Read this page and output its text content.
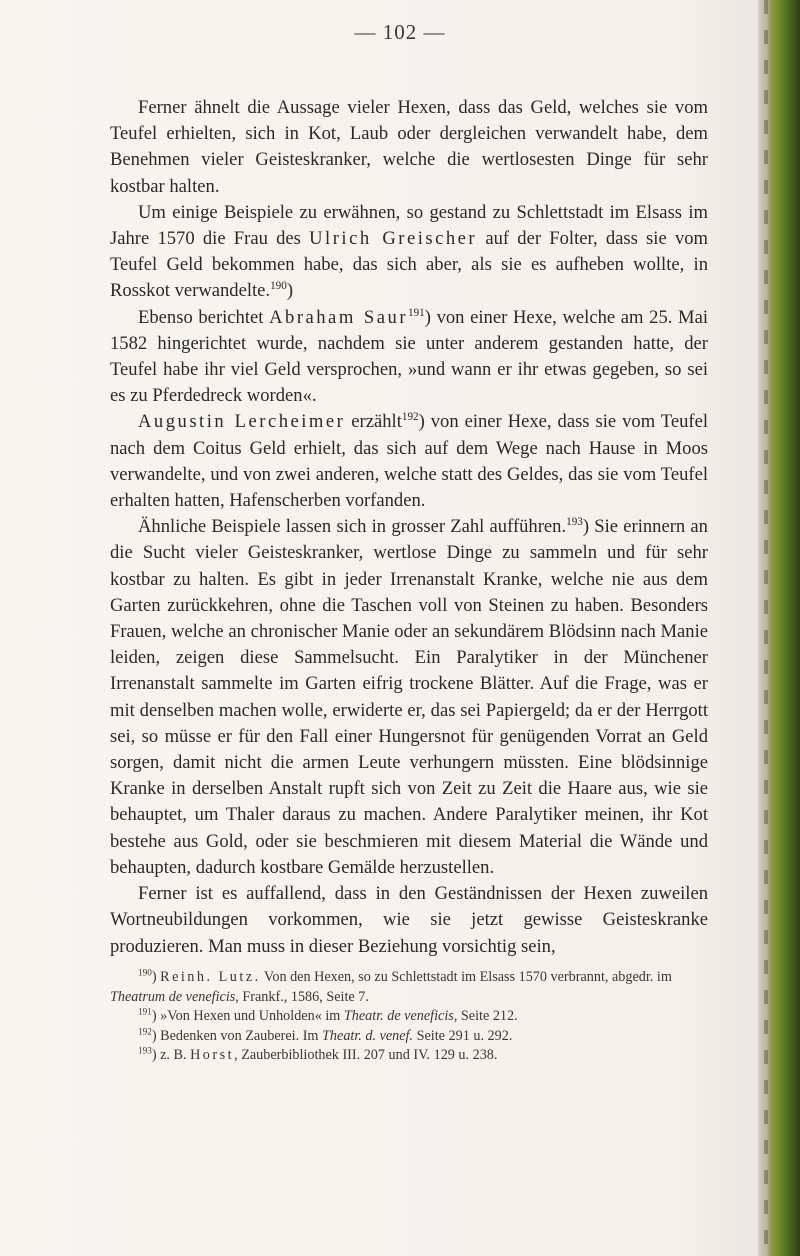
— 102 —

Ferner ähnelt die Aussage vieler Hexen, dass das Geld, welches sie vom Teufel erhielten, sich in Kot, Laub oder dergleichen verwandelt habe, dem Benehmen vieler Geisteskranker, welche die wertlosesten Dinge für sehr kostbar halten.

Um einige Beispiele zu erwähnen, so gestand zu Schlettstadt im Elsass im Jahre 1570 die Frau des Ulrich Greischer auf der Folter, dass sie vom Teufel Geld bekommen habe, das sich aber, als sie es aufheben wollte, in Rosskot verwandelte.$^{190}$)

Ebenso berichtet Abraham Saur$^{191}$) von einer Hexe, welche am 25. Mai 1582 hingerichtet wurde, nachdem sie unter anderem gestanden hatte, der Teufel habe ihr viel Geld versprochen, »und wann er ihr etwas gegeben, so sei es zu Pferdedreck worden«.

Augustin Lercheimer erzählt$^{192}$) von einer Hexe, dass sie vom Teufel nach dem Coitus Geld erhielt, das sich auf dem Wege nach Hause in Moos verwandelte, und von zwei anderen, welche statt des Geldes, das sie vom Teufel erhalten hatten, Hafenscherben vorfanden.

Ähnliche Beispiele lassen sich in grosser Zahl aufführen.$^{193}$) Sie erinnern an die Sucht vieler Geisteskranker, wertlose Dinge zu sammeln und für sehr kostbar zu halten. Es gibt in jeder Irrenanstalt Kranke, welche nie aus dem Garten zurückkehren, ohne die Taschen voll von Steinen zu haben. Besonders Frauen, welche an chronischer Manie oder an sekundärem Blödsinn nach Manie leiden, zeigen diese Sammelsucht. Ein Paralytiker in der Münchener Irrenanstalt sammelte im Garten eifrig trockene Blätter. Auf die Frage, was er mit denselben machen wolle, erwiderte er, das sei Papiergeld; da er der Herrgott sei, so müsse er für den Fall einer Hungersnot für genügenden Vorrat an Geld sorgen, damit nicht die armen Leute verhungern müssten. Eine blödsinnige Kranke in derselben Anstalt rupft sich von Zeit zu Zeit die Haare aus, wie sie behauptet, um Thaler daraus zu machen. Andere Paralytiker meinen, ihr Kot bestehe aus Gold, oder sie beschmieren mit diesem Material die Wände und behaupten, dadurch kostbare Gemälde herzustellen.

Ferner ist es auffallend, dass in den Geständnissen der Hexen zuweilen Wortneubildungen vorkommen, wie sie jetzt gewisse Geisteskranke produzieren. Man muss in dieser Beziehung vorsichtig sein,

$^{190}$) Reinh. Lutz. Von den Hexen, so zu Schlettstadt im Elsass 1570 verbrannt, abgedr. im Theatrum de veneficis, Frankf., 1586, Seite 7.

$^{191}$) »Von Hexen und Unholden« im Theatr. de veneficis, Seite 212.

$^{192}$) Bedenken von Zauberei. Im Theatr. d. venef. Seite 291 u. 292.

$^{193}$) z. B. Horst, Zauberbibliothek III. 207 und IV. 129 u. 238.
